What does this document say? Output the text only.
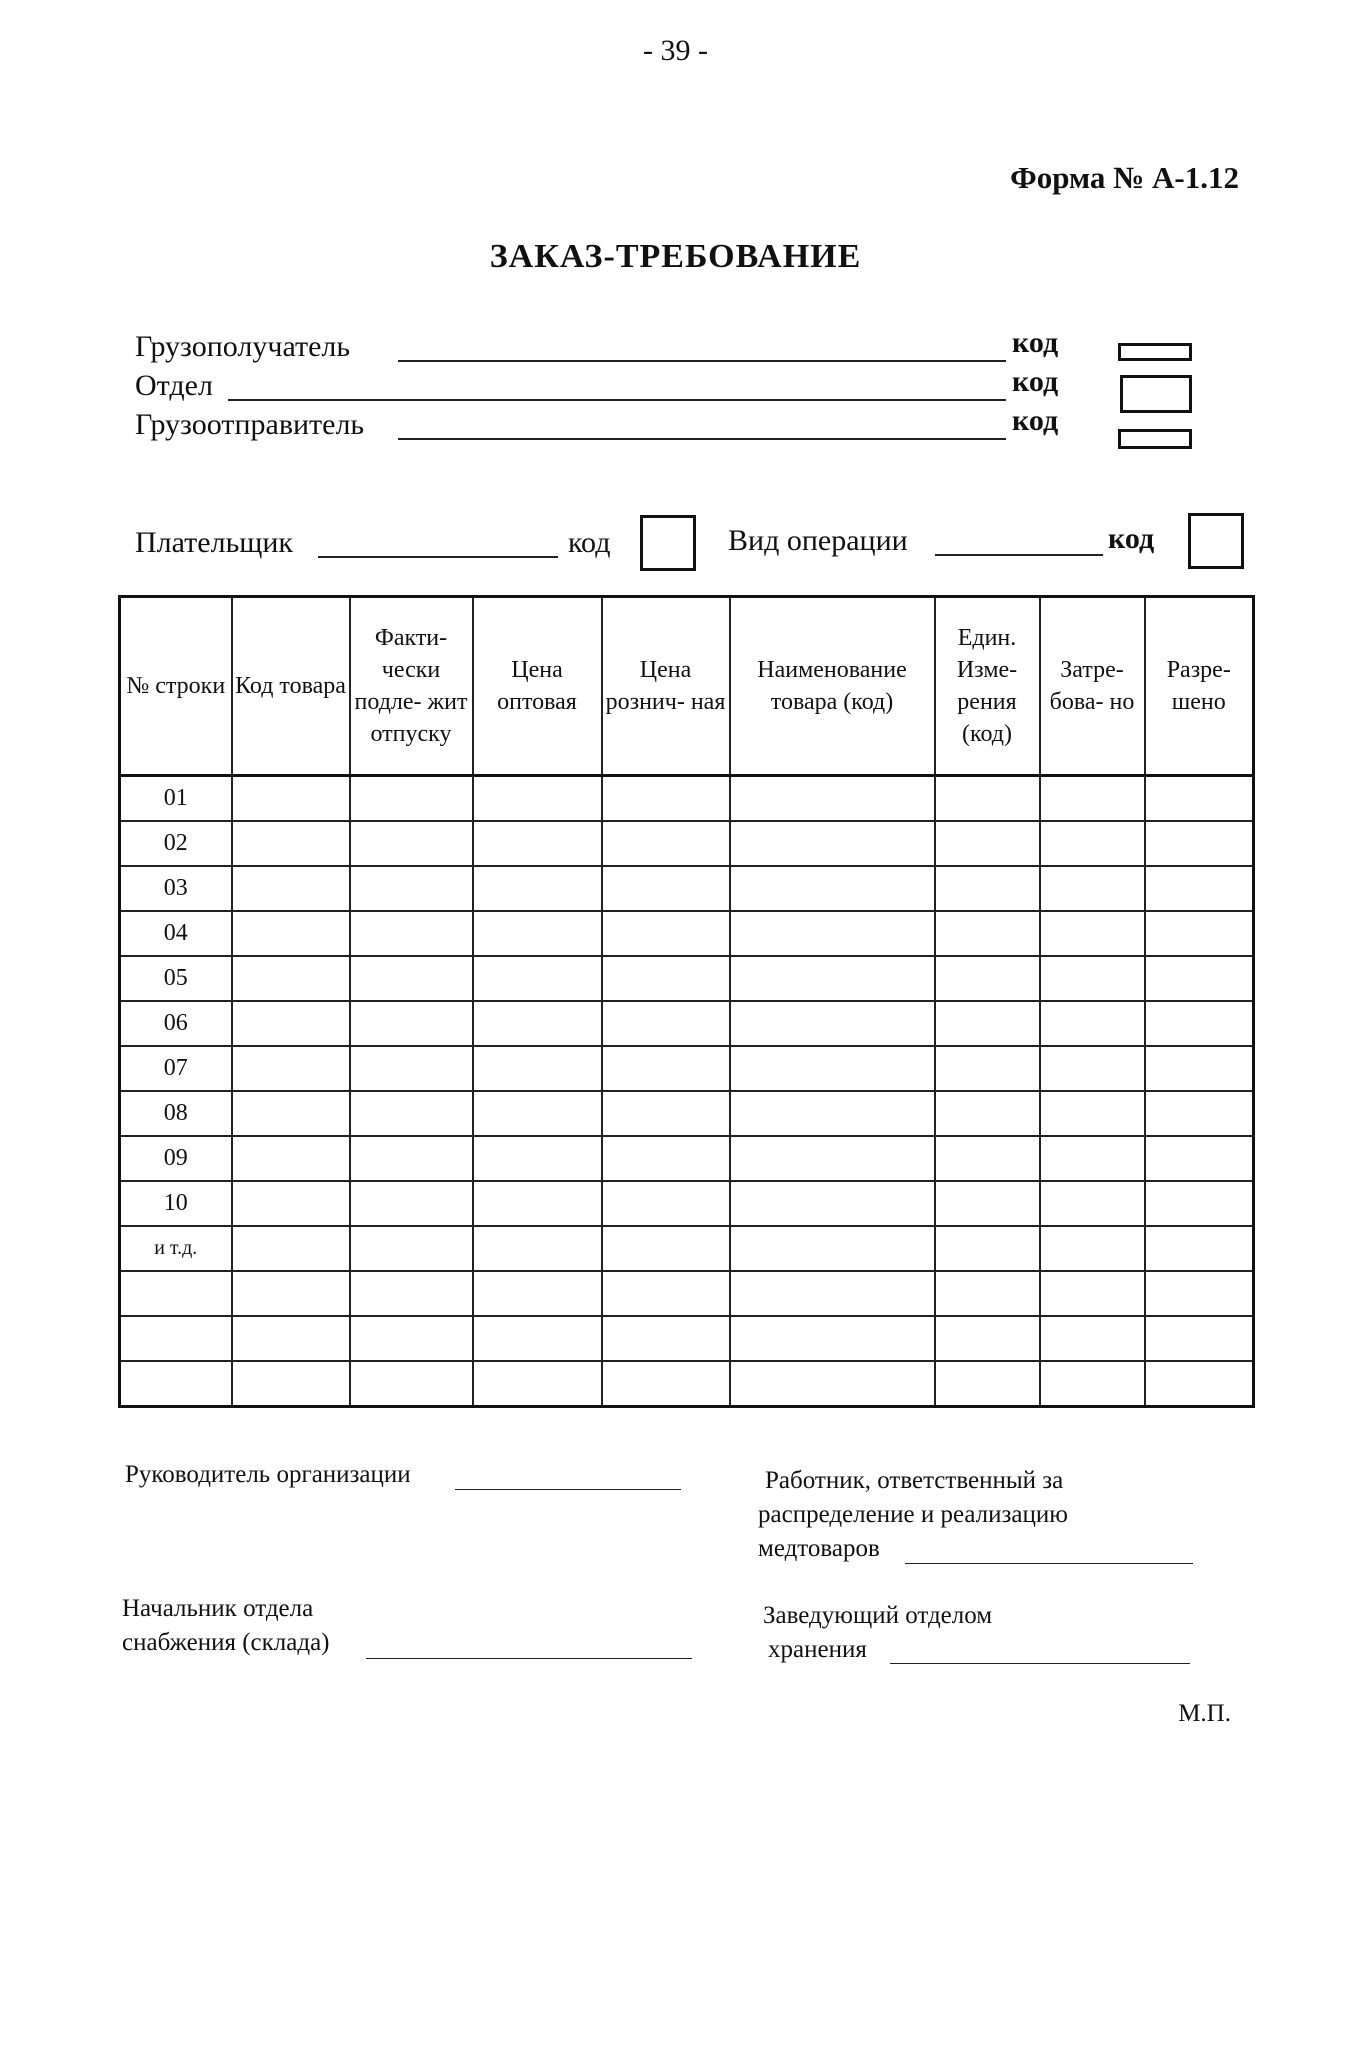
- 39 -
Форма № А-1.12
ЗАКАЗ-ТРЕБОВАНИЕ
Грузополучатель	код
Отдел	код
Грузоотправитель	код
Плательщик	код	Вид операции	код
№ строки	Код товара	Факти- чески подле- жит отпуску	Цена оптовая	Цена рознич- ная	Наименование товара (код)	Един. Изме- рения (код)	Затре- бова- но	Разре- шено
01								
02								
03								
04								
05								
06								
07								
08								
09								
10								
и т.д.								

Руководитель организации	Работник, ответственный за
распределение и реализацию
медтоваров
Начальник отдела
снабжения (склада)
Заведующий отделом
хранения
М.П.
